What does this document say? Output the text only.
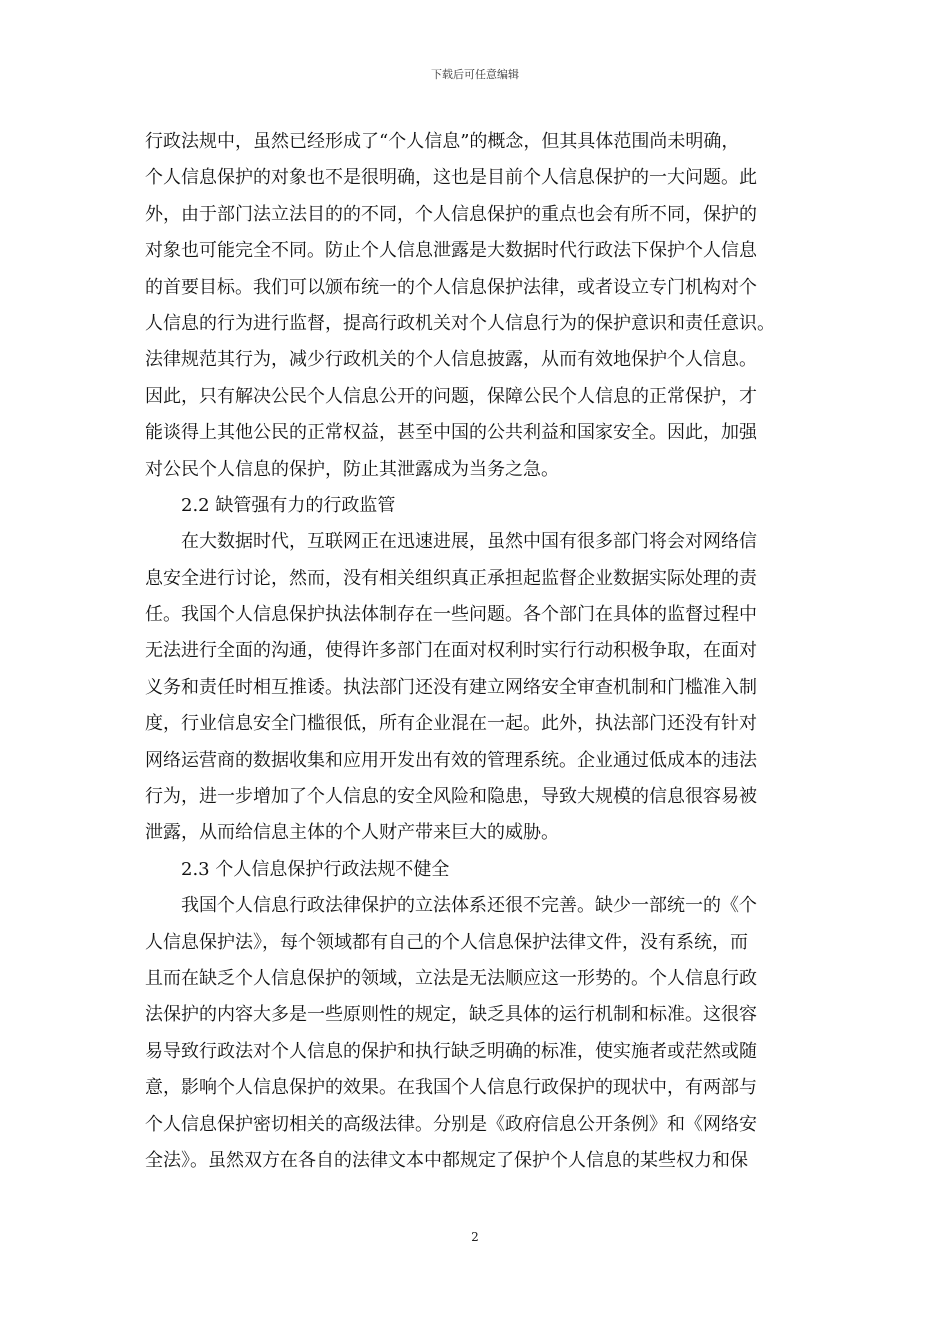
下载后可任意编辑
行政法规中，虽然已经形成了“个人信息”的概念，但其具体范围尚未明确，
个人信息保护的对象也不是很明确，这也是目前个人信息保护的一大问题。此
外，由于部门法立法目的的不同，个人信息保护的重点也会有所不同，保护的
对象也可能完全不同。防止个人信息泄露是大数据时代行政法下保护个人信息
的首要目标。我们可以颁布统一的个人信息保护法律，或者设立专门机构对个
人信息的行为进行监督，提高行政机关对个人信息行为的保护意识和责任意识。
法律规范其行为，减少行政机关的个人信息披露，从而有效地保护个人信息。
因此，只有解决公民个人信息公开的问题，保障公民个人信息的正常保护，才
能谈得上其他公民的正常权益，甚至中国的公共利益和国家安全。因此，加强
对公民个人信息的保护，防止其泄露成为当务之急。
2.2 缺管强有力的行政监管
在大数据时代，互联网正在迅速进展，虽然中国有很多部门将会对网络信
息安全进行讨论，然而，没有相关组织真正承担起监督企业数据实际处理的责
任。我国个人信息保护执法体制存在一些问题。各个部门在具体的监督过程中
无法进行全面的沟通，使得许多部门在面对权利时实行行动积极争取，在面对
义务和责任时相互推诿。执法部门还没有建立网络安全审查机制和门槛准入制
度，行业信息安全门槛很低，所有企业混在一起。此外，执法部门还没有针对
网络运营商的数据收集和应用开发出有效的管理系统。企业通过低成本的违法
行为，进一步增加了个人信息的安全风险和隐患，导致大规模的信息很容易被
泄露，从而给信息主体的个人财产带来巨大的威胁。
2.3 个人信息保护行政法规不健全
我国个人信息行政法律保护的立法体系还很不完善。缺少一部统一的《个
人信息保护法》，每个领域都有自己的个人信息保护法律文件，没有系统，而
且而在缺乏个人信息保护的领域，立法是无法顺应这一形势的。个人信息行政
法保护的内容大多是一些原则性的规定，缺乏具体的运行机制和标准。这很容
易导致行政法对个人信息的保护和执行缺乏明确的标准，使实施者或茫然或随
意，影响个人信息保护的效果。在我国个人信息行政保护的现状中，有两部与
个人信息保护密切相关的高级法律。分别是《政府信息公开条例》和《网络安
全法》。虽然双方在各自的法律文本中都规定了保护个人信息的某些权力和保
2
